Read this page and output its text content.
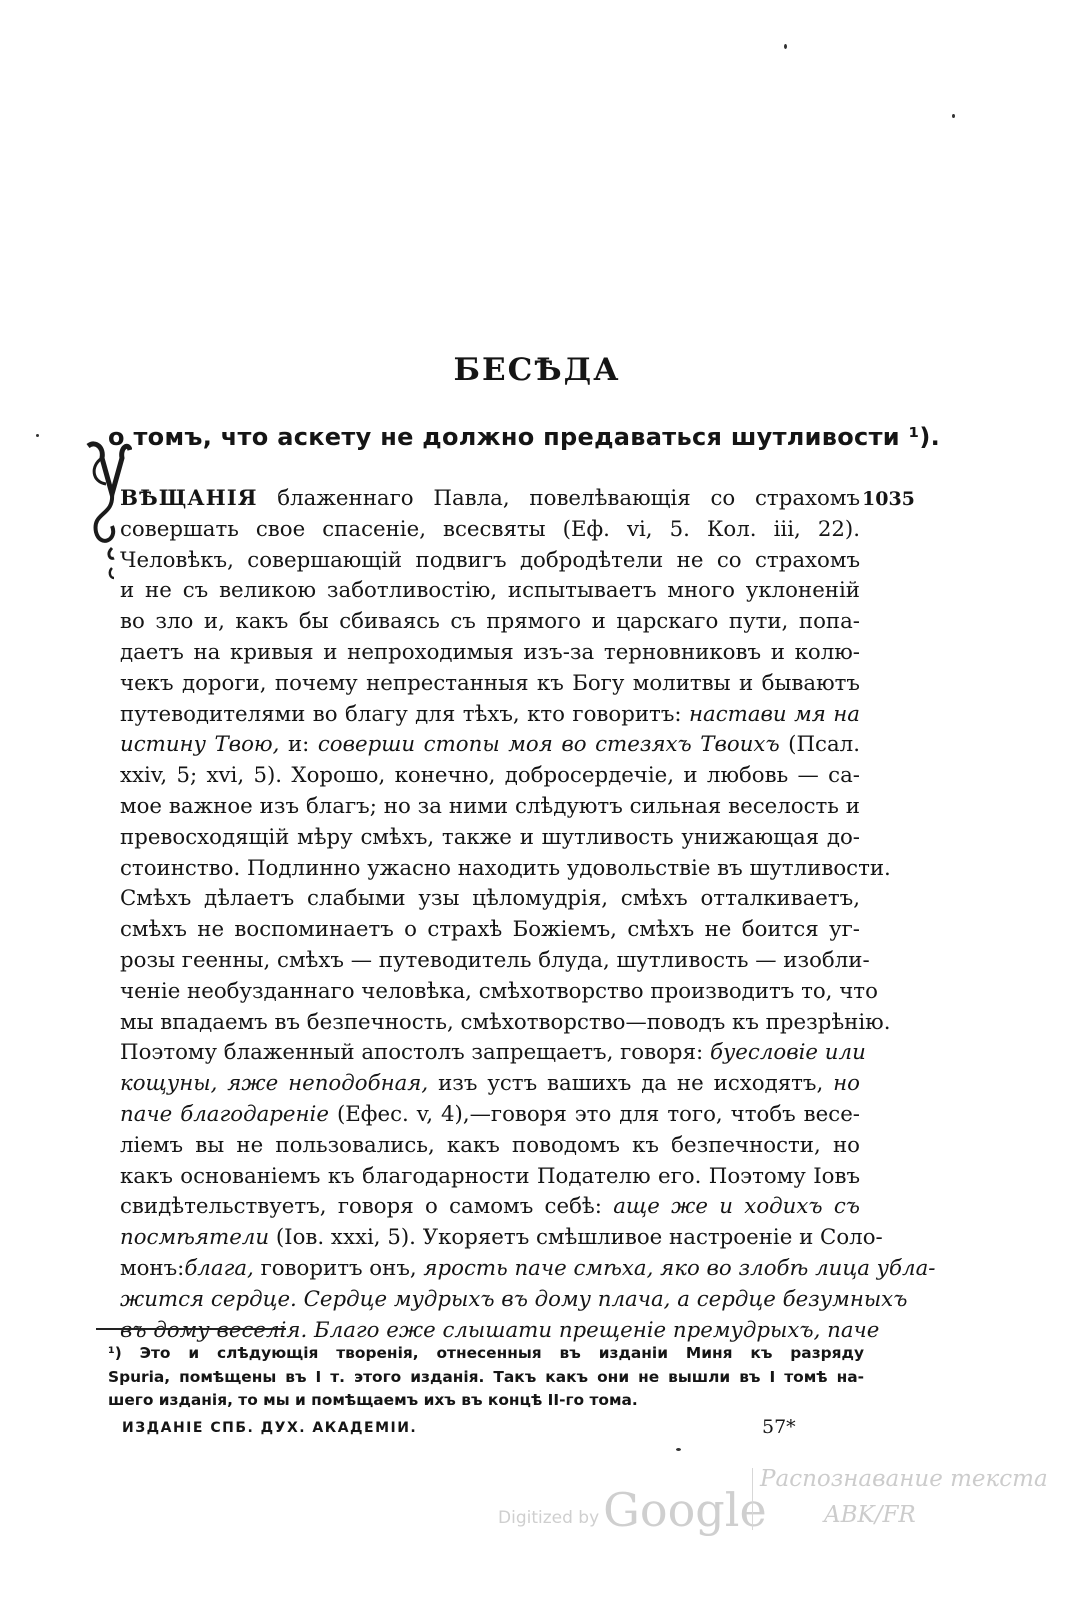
БЕСѢДА

о томъ, что аскету не должно предаваться шутливости ¹).

1035
ВѢЩАНІЯ блаженнаго Павла, повелѣвающія со страхомъ
совершать свое спасеніе, всесвяты (Еф. vi, 5. Кол. iii, 22).
Человѣкъ, совершающій подвигъ добродѣтели не со страхомъ
и не съ великою заботливостію, испытываетъ много уклоненій
во зло и, какъ бы сбиваясь съ прямого и царскаго пути, попа-
даетъ на кривыя и непроходимыя изъ-за терновниковъ и колю-
чекъ дороги, почему непрестанныя къ Богу молитвы и бываютъ
путеводителями во благу для тѣхъ, кто говоритъ: настави мя на
истину Твою, и: соверши стопы моя во стезяхъ Твоихъ (Псал.
xxiv, 5; xvi, 5). Хорошо, конечно, добросердечіе, и любовь — са-
мое важное изъ благъ; но за ними слѣдуютъ сильная веселость и
превосходящій мѣру смѣхъ, также и шутливость унижающая до-
стоинство. Подлинно ужасно находить удовольствіе въ шутливости.
Смѣхъ дѣлаетъ слабыми узы цѣломудрія, смѣхъ отталкиваетъ,
смѣхъ не воспоминаетъ о страхѣ Божіемъ, смѣхъ не боится уг-
розы геенны, смѣхъ — путеводитель блуда, шутливость — изобли-
ченіе необузданнаго человѣка, смѣхотворство производитъ то, что
мы впадаемъ въ безпечность, смѣхотворство—поводъ къ презрѣнію.
Поэтому блаженный апостолъ запрещаетъ, говоря: буесловіе или
кощуны, яже неподобная, изъ устъ вашихъ да не исходятъ, но
паче благодареніе (Ефес. v, 4),—говоря это для того, чтобъ весе-
ліемъ вы не пользовались, какъ поводомъ къ безпечности, но
какъ основаніемъ къ благодарности Подателю его. Поэтому Іовъ
свидѣтельствуетъ, говоря о самомъ себѣ: аще же и ходихъ съ
посмѣятели (Іов. xxxi, 5). Укоряетъ смѣшливое настроеніе и Соло-
монъ:блага, говоритъ онъ, ярость паче смѣха, яко во злобѣ лица убла-
жится сердце. Сердце мудрыхъ въ дому плача, а сердце безумныхъ
въ дому веселія. Благо еже слышати прещеніе премудрыхъ, паче
¹) Это и слѣдующія творенія, отнесенныя въ изданіи Миня къ разряду
Spuria, помѣщены въ I т. этого изданія. Такъ какъ они не вышли въ I томѣ на-
шего изданія, то мы и помѣщаемъ ихъ въ концѣ II-го тома.
ИЗДАНІЕ СПБ. ДУХ. АКАДЕМІИ.	57*
Digitized by Google
Распознавание текста
ABK/FR
